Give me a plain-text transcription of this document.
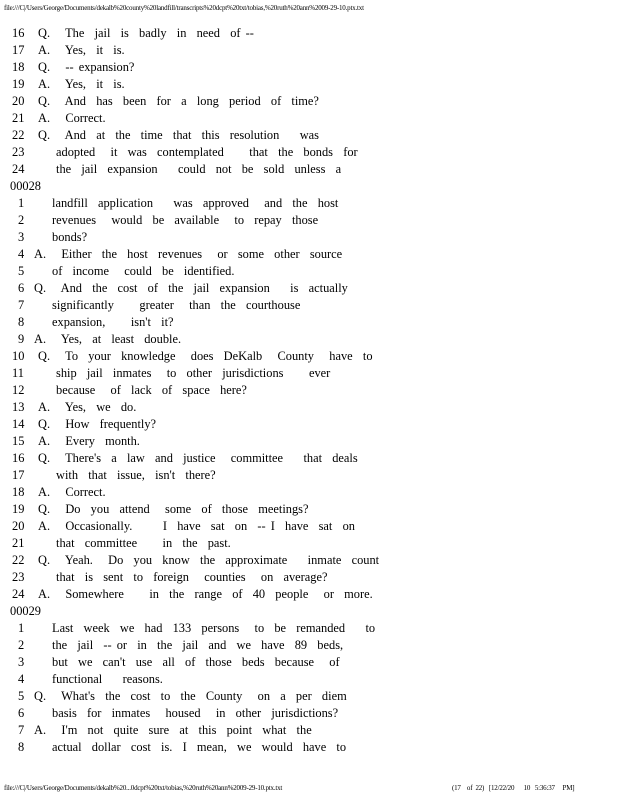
file:///C|/Users/George/Documents/dekalb%20county%20landfill/transcripts%20dcpt%20txt/tobias,%20ruth%20ann%2009-29-10.ptx.txt
16 Q.   The  jail  is  badly  in  need  of --
17 A.   Yes,  it  is.
18 Q.   -- expansion?
19 A.   Yes,  it  is.
20 Q.   And  has  been  for  a  long  period  of  time?
21 A.   Correct.
22 Q.   And  at  the  time  that  this  resolution    was
23	adopted   it  was  contemplated     that  the  bonds  for
24	the  jail  expansion    could  not  be  sold  unless  a
00028
1 landfill  application    was  approved   and  the  host
2 revenues   would  be  available   to  repay  those
3 bonds?
4 A.   Either  the  host  revenues   or  some  other  source
5 of  income   could  be  identified.
6 Q.   And  the  cost  of  the  jail  expansion    is  actually
7 significantly     greater   than  the  courthouse
8 expansion,     isn't  it?
9 A.   Yes,  at  least  double.
10 Q.   To  your  knowledge   does  DeKalb   County   have  to
11	ship  jail  inmates   to  other  jurisdictions     ever
12	because   of  lack  of  space  here?
13 A.   Yes,  we  do.
14 Q.   How  frequently?
15 A.   Every  month.
16 Q.   There's  a  law  and  justice   committee    that  deals
17	with  that  issue,  isn't  there?
18 A.   Correct.
19 Q.   Do  you  attend   some  of  those  meetings?
20 A.   Occasionally.      I  have  sat  on  -- I  have  sat  on
21	that  committee     in  the  past.
22 Q.   Yeah.   Do  you  know  the  approximate    inmate  count
23	that  is  sent  to  foreign   counties   on  average?
24 A.   Somewhere     in  the  range  of  40  people   or  more.
00029
1 Last  week  we  had  133  persons   to  be  remanded    to
2 the  jail  -- or  in  the  jail  and  we  have  89  beds,
3 but  we  can't  use  all  of  those  beds  because   of
4 functional    reasons.
5 Q.   What's  the  cost  to  the  County   on  a  per  diem
6 basis  for  inmates   housed   in  other  jurisdictions?
7 A.   I'm  not  quite  sure  at  this  point  what  the
8 actual  dollar  cost  is.  I  mean,  we  would  have  to
file:///C|/Users/George/Documents/dekalb%20...0dcpt%20txt/tobias,%20ruth%20ann%2009-29-10.ptx.txt	(17    of  22)   [12/22/20      10   5:36:37     PM]
